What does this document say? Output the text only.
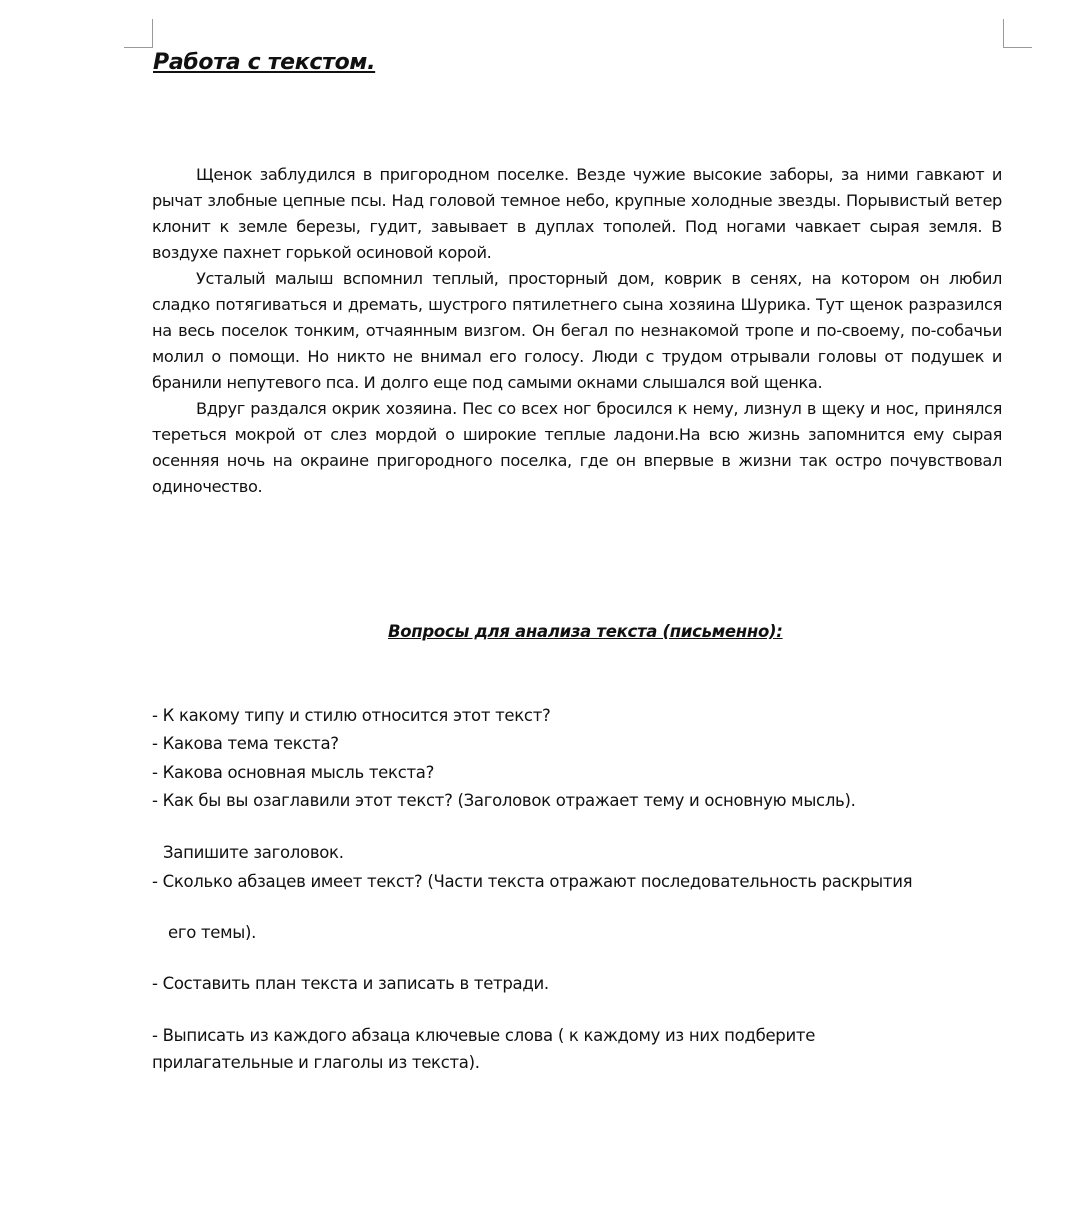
Работа с текстом.

Щенок заблудился в пригородном поселке. Везде чужие высокие заборы, за ними гавкают и рычат злобные цепные псы. Над головой темное небо, крупные холодные звезды. Порывистый ветер клонит к земле березы, гудит, завывает в дуплах тополей. Под ногами чавкает сырая земля. В воздухе пахнет горькой осиновой корой.

Усталый малыш вспомнил теплый, просторный дом, коврик в сенях, на котором он любил сладко потягиваться и дремать, шустрого пятилетнего сына хозяина Шурика. Тут щенок разразился на весь поселок тонким, отчаянным визгом. Он бегал по незнакомой тропе и по-своему, по-собачьи молил о помощи. Но никто не внимал его голосу. Люди с трудом отрывали головы от подушек и бранили непутевого пса. И долго еще под самыми окнами слышался вой щенка.

Вдруг раздался окрик хозяина. Пес со всех ног бросился к нему, лизнул в щеку и нос, принялся тереться мокрой от слез мордой о широкие теплые ладони.На всю жизнь запомнится ему сырая осенняя ночь на окраине пригородного поселка, где он впервые в жизни так остро почувствовал одиночество.

Вопросы для анализа текста (письменно):

- К какому типу и стилю относится этот текст?

- Какова тема текста?

- Какова основная мысль текста?

- Как бы вы озаглавили этот текст? (Заголовок отражает тему и основную мысль).

Запишите заголовок.

- Сколько абзацев имеет текст? (Части текста отражают последовательность раскрытия

его темы).

- Составить план текста и записать в тетради.

- Выписать из каждого абзаца ключевые слова ( к каждому из них подберите

прилагательные и глаголы из текста).
